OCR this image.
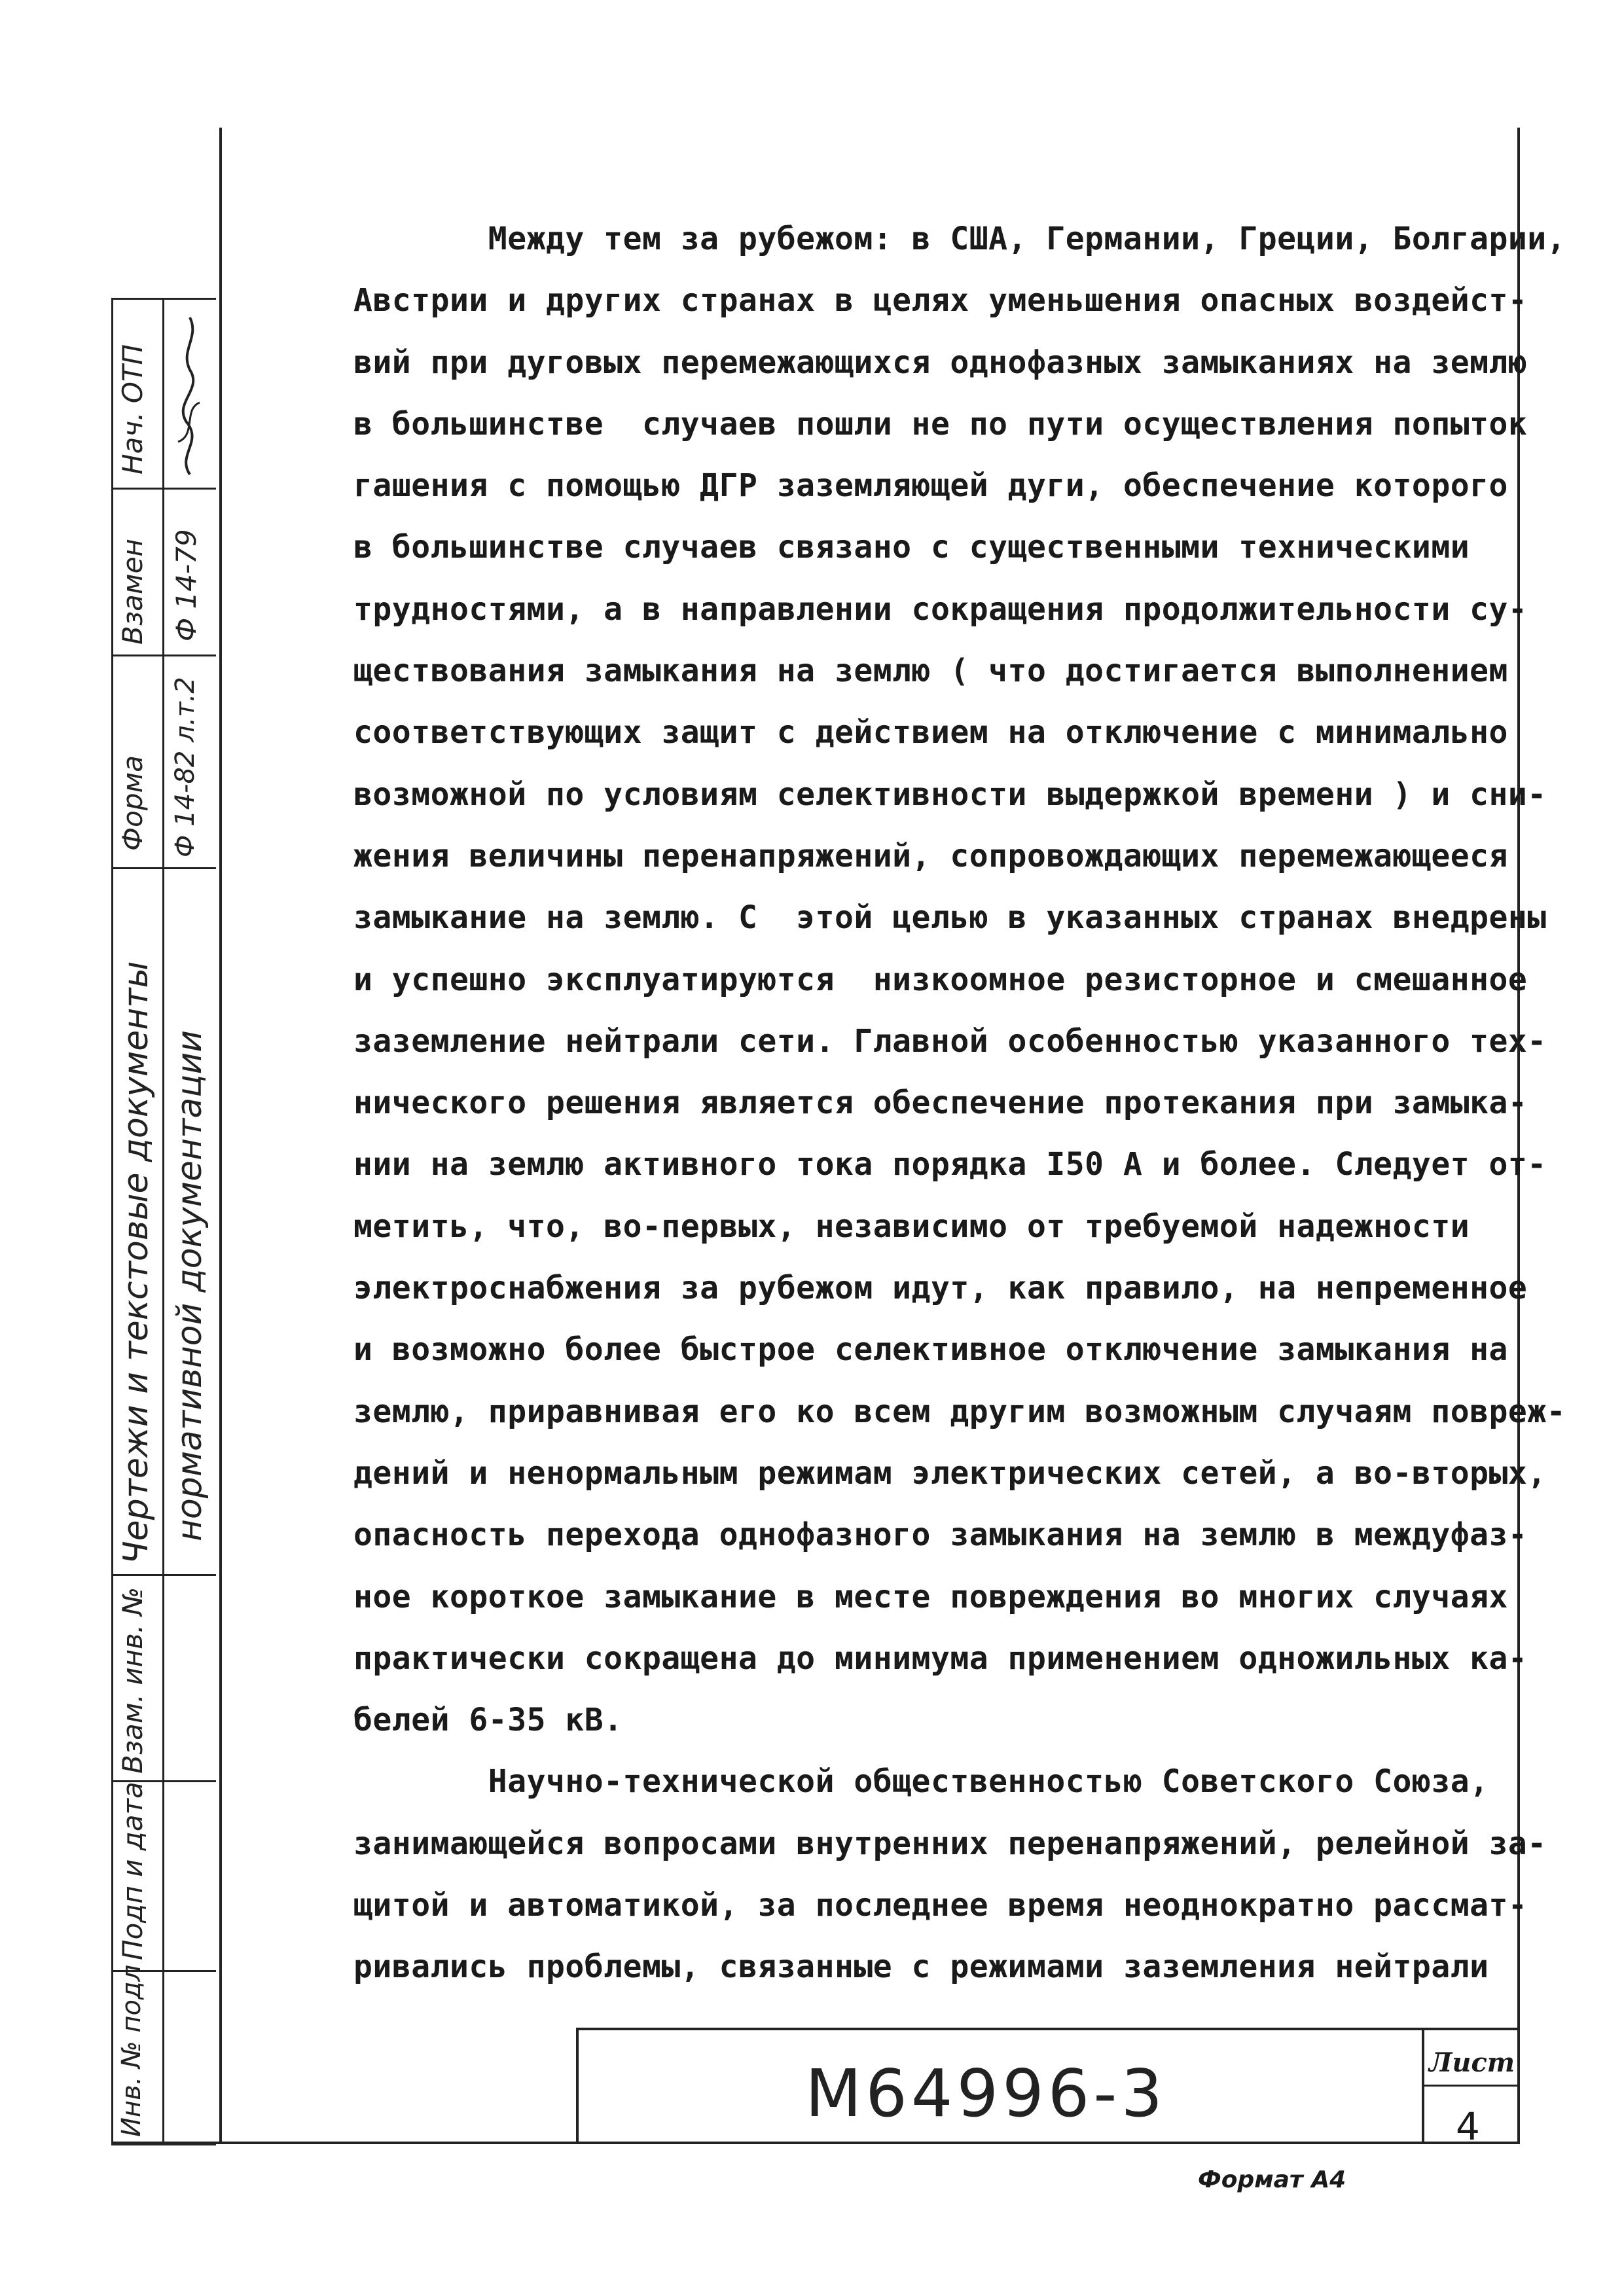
Нач. ОТП
Взамен Ф 14-79
Форма Ф 14-82 л.т.2
Чертежи и текстовые документы нормативной документации
Взам. инв. №
Подп и дата
Инв. № подл
Между тем за рубежом: в США, Германии, Греции, Болгарии,
Австрии и других странах в целях уменьшения опасных воздейст-
вий при дуговых перемежающихся однофазных замыканиях на землю
в большинстве  случаев пошли не по пути осуществления попыток
гашения с помощью ДГР заземляющей дуги, обеспечение которого
в большинстве случаев связано с существенными техническими
трудностями, а в направлении сокращения продолжительности су-
ществования замыкания на землю ( что достигается выполнением
соответствующих защит с действием на отключение с минимально
возможной по условиям селективности выдержкой времени ) и сни-
жения величины перенапряжений, сопровождающих перемежающееся
замыкание на землю. С  этой целью в указанных странах внедрены
и успешно эксплуатируются  низкоомное резисторное и смешанное
заземление нейтрали сети. Главной особенностью указанного тех-
нического решения является обеспечение протекания при замыка-
нии на землю активного тока порядка I50 А и более. Следует от-
метить, что, во-первых, независимо от требуемой надежности
электроснабжения за рубежом идут, как правило, на непременное
и возможно более быстрое селективное отключение замыкания на
землю, приравнивая его ко всем другим возможным случаям повреж-
дений и ненормальным режимам электрических сетей, а во-вторых,
опасность перехода однофазного замыкания на землю в междуфаз-
ное короткое замыкание в месте повреждения во многих случаях
практически сокращена до минимума применением одножильных ка-
белей 6-35 кВ.
Научно-технической общественностью Советского Союза,
занимающейся вопросами внутренних перенапряжений, релейной за-
щитой и автоматикой, за последнее время неоднократно рассмат-
ривались проблемы, связанные с режимами заземления нейтрали
М64996-3	Лист
4
Формат А4
